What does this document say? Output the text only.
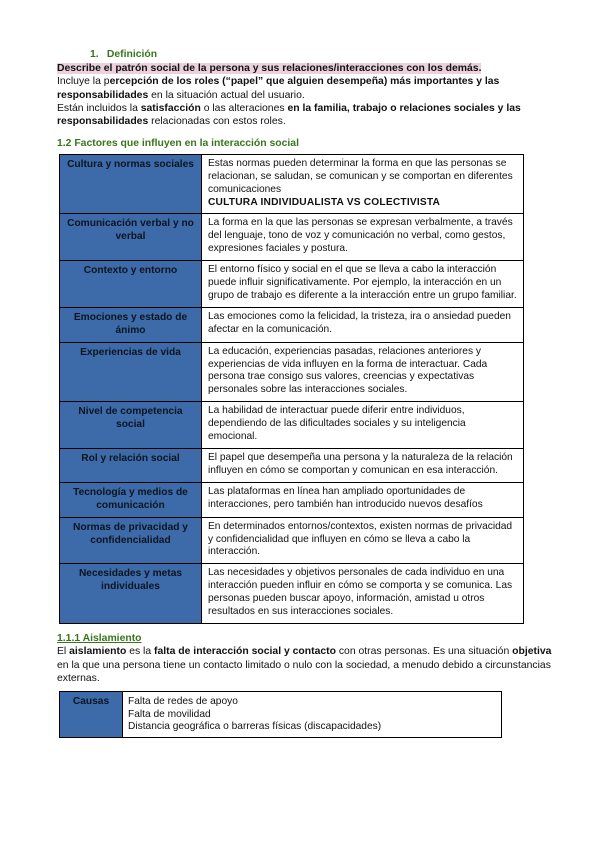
1. Definición

Describe el patrón social de la persona y sus relaciones/interacciones con los demás.

Incluye la percepción de los roles (“papel” que alguien desempeña) más importantes y las responsabilidades en la situación actual del usuario.

Están incluidos la satisfacción o las alteraciones en la familia, trabajo o relaciones sociales y las responsabilidades relacionadas con estos roles.

1.2 Factores que influyen en la interacción social
Cultura y normas sociales	Estas normas pueden determinar la forma en que las personas se relacionan, se saludan, se comunican y se comportan en diferentes comunicaciones
CULTURA INDIVIDUALISTA VS COLECTIVISTA

Comunicación verbal y no verbal	La forma en la que las personas se expresan verbalmente, a través del lenguaje, tono de voz y comunicación no verbal, como gestos, expresiones faciales y postura.
Contexto y entorno	El entorno físico y social en el que se lleva a cabo la interacción puede influir significativamente. Por ejemplo, la interacción en un grupo de trabajo es diferente a la interacción entre un grupo familiar.
Emociones y estado de ánimo	Las emociones como la felicidad, la tristeza, ira o ansiedad pueden afectar en la comunicación.
Experiencias de vida	La educación, experiencias pasadas, relaciones anteriores y experiencias de vida influyen en la forma de interactuar. Cada persona trae consigo sus valores, creencias y expectativas personales sobre las interacciones sociales.
Nivel de competencia social	La habilidad de interactuar puede diferir entre individuos, dependiendo de las dificultades sociales y su inteligencia emocional.
Rol y relación social	El papel que desempeña una persona y la naturaleza de la relación influyen en cómo se comportan y comunican en esa interacción.
Tecnología y medios de comunicación	Las plataformas en línea han ampliado oportunidades de interacciones, pero también han introducido nuevos desafíos
Normas de privacidad y confidencialidad	En determinados entornos/contextos, existen normas de privacidad y confidencialidad que influyen en cómo se lleva a cabo la interacción.
Necesidades y metas individuales	Las necesidades y objetivos personales de cada individuo en una interacción pueden influir en cómo se comporta y se comunica. Las personas pueden buscar apoyo, información, amistad u otros resultados en sus interacciones sociales.
1.1.1 Aislamiento

El aislamiento es la falta de interacción social y contacto con otras personas. Es una situación objetiva en la que una persona tiene un contacto limitado o nulo con la sociedad, a menudo debido a circunstancias externas.

Causas	Falta de redes de apoyo
Falta de movilidad
Distancia geográfica o barreras físicas (discapacidades)
